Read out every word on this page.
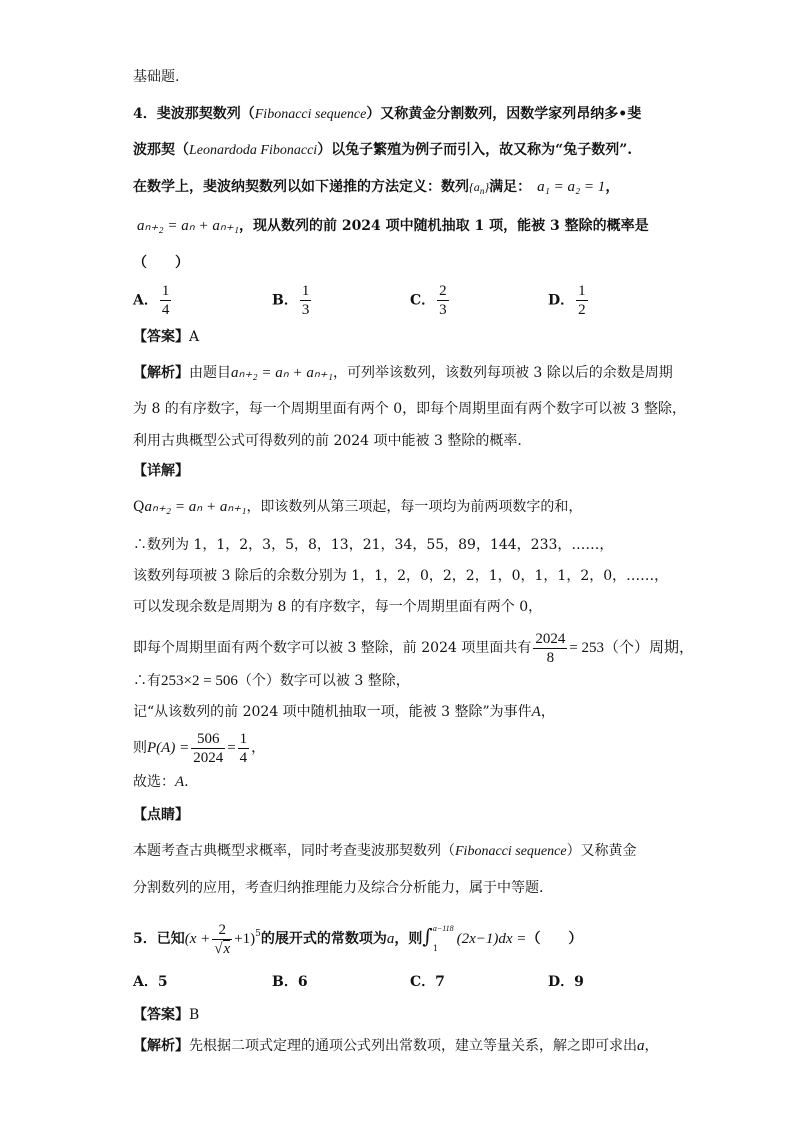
基础题.
4．斐波那契数列（Fibonacci sequence）又称黄金分割数列，因数学家列昂纳多•斐
波那契（Leonardoda Fibonacci）以兔子繁殖为例子而引入，故又称为“兔子数列”.
在数学上，斐波纳契数列以如下递推的方法定义：数列$\{a_n\}$满足： a₁ = a₂ = 1，
aₙ₊₂ = aₙ + aₙ₊₁，现从数列的前 2024 项中随机抽取 1 项，能被 3 整除的概率是
（　　）
A． $\frac{1}{4}$	B． $\frac{1}{3}$	C． $\frac{2}{3}$	D． $\frac{1}{2}$
【答案】A
【解析】由题目aₙ₊₂ = aₙ + aₙ₊₁，可列举该数列，该数列每项被 3 除以后的余数是周期
为 8 的有序数字，每一个周期里面有两个 0，即每个周期里面有两个数字可以被 3 整除，
利用古典概型公式可得数列的前 2024 项中能被 3 整除的概率.
【详解】
Qaₙ₊₂ = aₙ + aₙ₊₁，即该数列从第三项起，每一项均为前两项数字的和，
∴数列为 1，1，2，3，5，8，13，21，34，55，89，144，233，……，
该数列每项被 3 除后的余数分别为 1，1，2，0，2，2，1，0，1，1，2，0，……，
可以发现余数是周期为 8 的有序数字，每一个周期里面有两个 0，
即每个周期里面有两个数字可以被 3 整除，前 2024 项里面共有 $\frac{2024}{8} = 253$（个）周期，
∴有253×2 = 506（个）数字可以被 3 整除，
记“从该数列的前 2024 项中随机抽取一项，能被 3 整除”为事件A，
则$P(A) = \frac{506}{2024} = \frac{1}{4}$ ，
故选：A.
【点睛】
本题考查古典概型求概率，同时考查斐波那契数列（Fibonacci sequence）又称黄金
分割数列的应用，考查归纳推理能力及综合分析能力，属于中等题.
5．已知$(x + \frac{2}{√x} +1)^5$的展开式的常数项为a，则∫ a−118
1
(2x−1)dx =（　　）
A．5	B．6	C．7	D．9
【答案】B
【解析】先根据二项式定理的通项公式列出常数项，建立等量关系，解之即可求出a，
